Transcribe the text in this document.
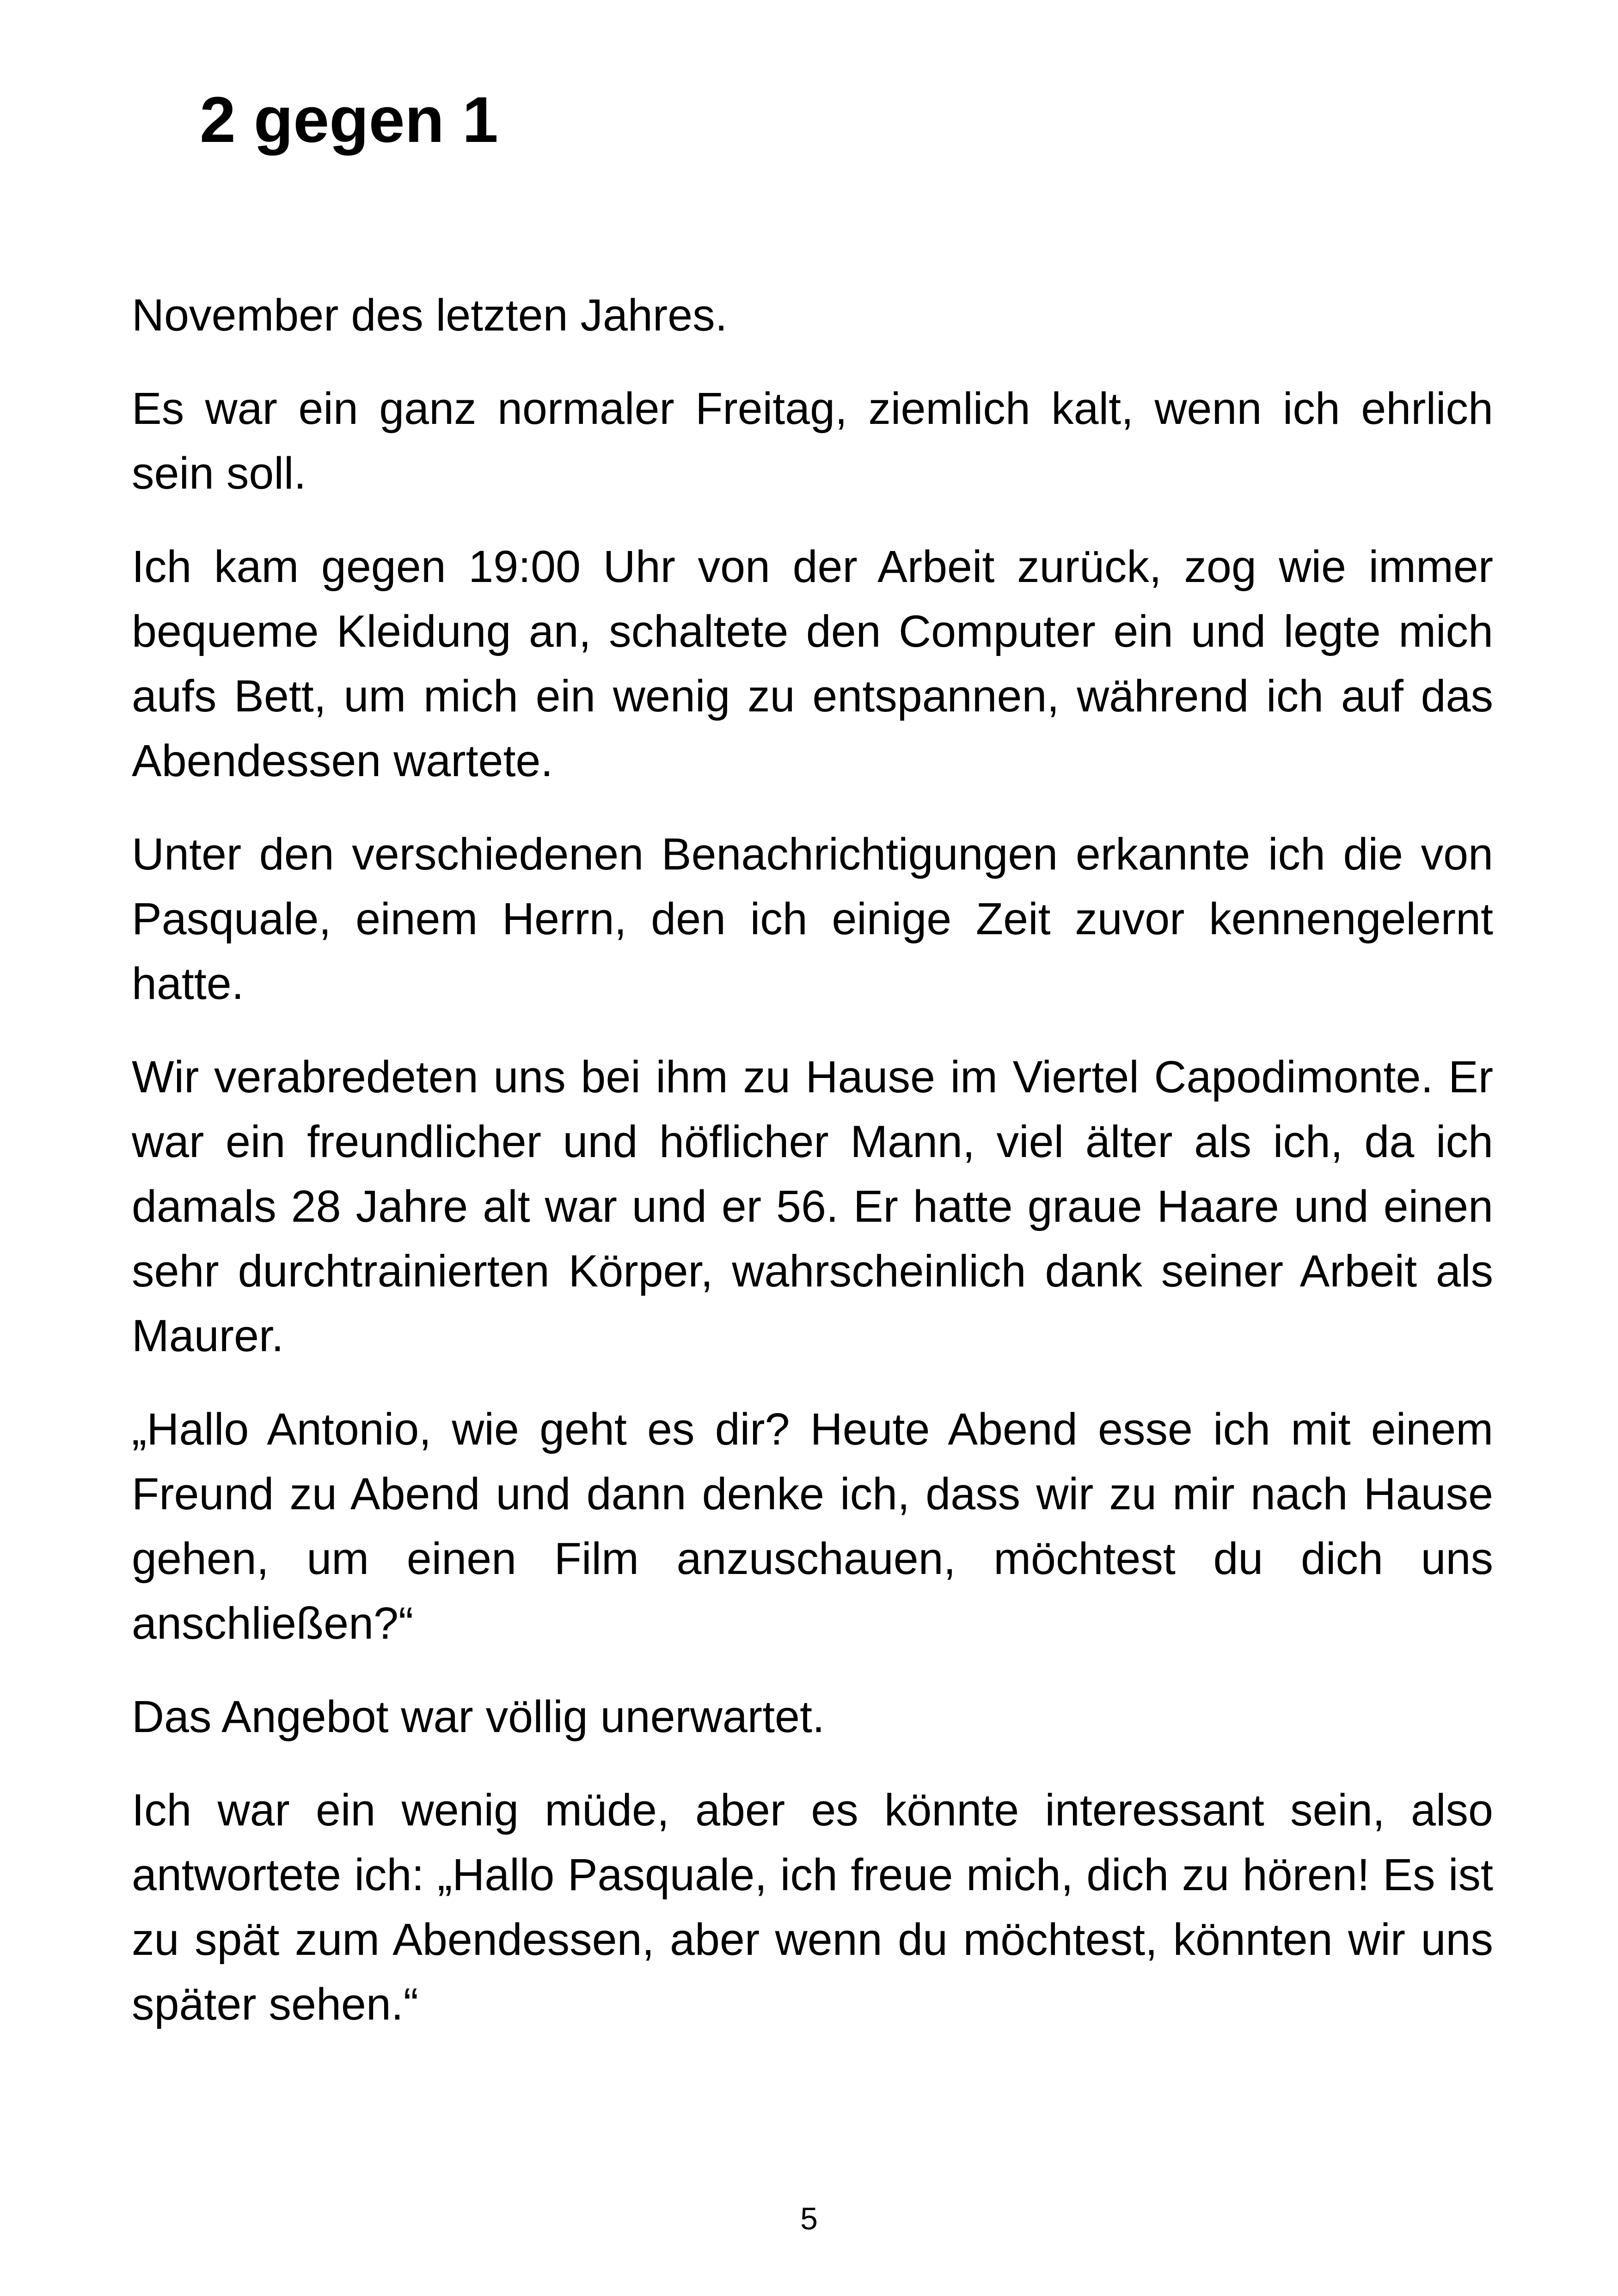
2 gegen 1

November des letzten Jahres.

Es war ein ganz normaler Freitag, ziemlich kalt, wenn ich ehrlich sein soll.

Ich kam gegen 19:00 Uhr von der Arbeit zurück, zog wie immer bequeme Kleidung an, schaltete den Computer ein und legte mich aufs Bett, um mich ein wenig zu entspannen, während ich auf das Abendessen wartete.

Unter den verschiedenen Benachrichtigungen erkannte ich die von Pasquale, einem Herrn, den ich einige Zeit zuvor kennengelernt hatte.

Wir verabredeten uns bei ihm zu Hause im Viertel Capodimonte. Er war ein freundlicher und höflicher Mann, viel älter als ich, da ich damals 28 Jahre alt war und er 56. Er hatte graue Haare und einen sehr durchtrainierten Körper, wahrscheinlich dank seiner Arbeit als Maurer.

„Hallo Antonio, wie geht es dir? Heute Abend esse ich mit einem Freund zu Abend und dann denke ich, dass wir zu mir nach Hause gehen, um einen Film anzuschauen, möchtest du dich uns anschließen?“

Das Angebot war völlig unerwartet.

Ich war ein wenig müde, aber es könnte interessant sein, also antwortete ich: „Hallo Pasquale, ich freue mich, dich zu hören! Es ist zu spät zum Abendessen, aber wenn du möchtest, könnten wir uns später sehen.“

5
